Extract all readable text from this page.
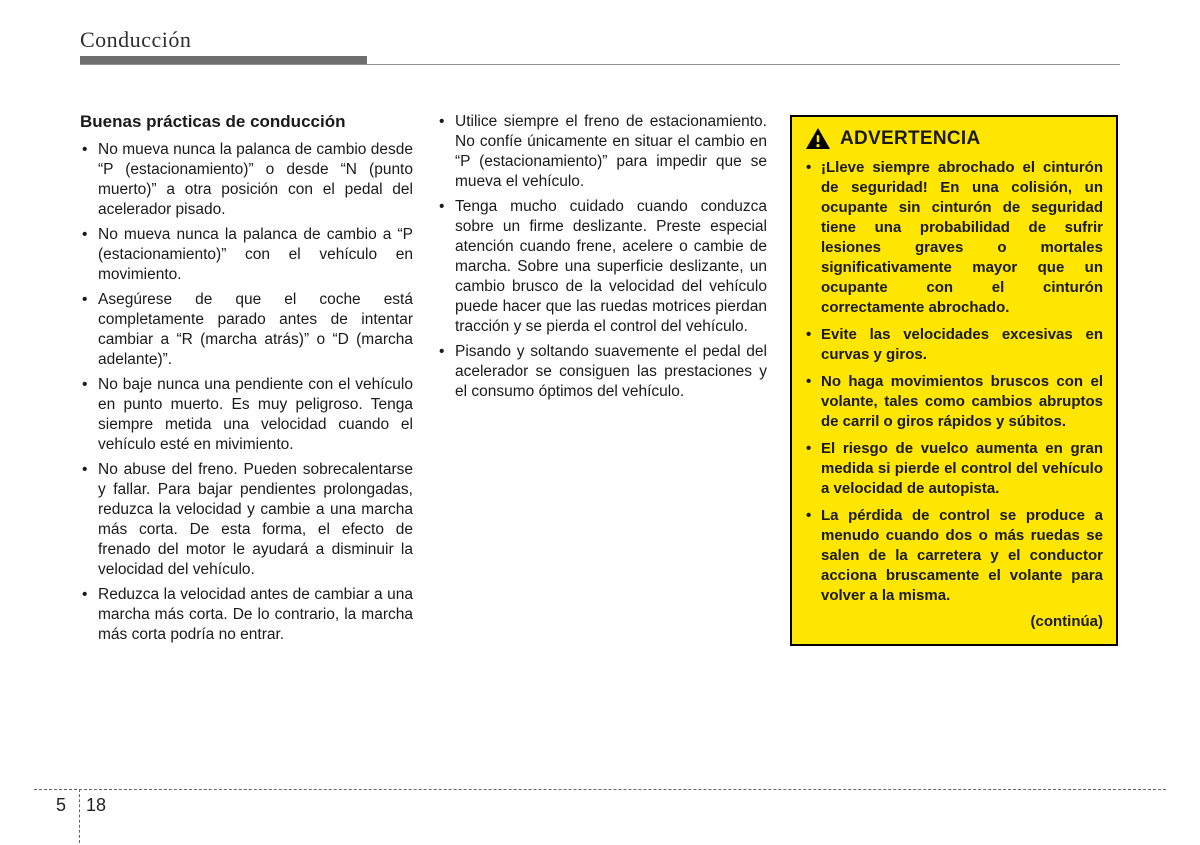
Conducción
Buenas prácticas de conducción
• No mueva nunca la palanca de cambio desde “P (estacionamiento)” o desde “N (punto muerto)” a otra posición con el pedal del acelerador pisado.
• No mueva nunca la palanca de cambio a “P (estacionamiento)” con el vehículo en movimiento.
• Asegúrese de que el coche está completamente parado antes de intentar cambiar a “R (marcha atrás)” o “D (marcha adelante)”.
• No baje nunca una pendiente con el vehículo en punto muerto. Es muy peligroso. Tenga siempre metida una velocidad cuando el vehículo esté en mivimiento.
• No abuse del freno. Pueden sobrecalentarse y fallar. Para bajar pendientes prolongadas, reduzca la velocidad y cambie a una marcha más corta. De esta forma, el efecto de frenado del motor le ayudará a disminuir la velocidad del vehículo.
• Reduzca la velocidad antes de cambiar a una marcha más corta. De lo contrario, la marcha más corta podría no entrar.
• Utilice siempre el freno de estacionamiento. No confíe únicamente en situar el cambio en “P (estacionamiento)” para impedir que se mueva el vehículo.
• Tenga mucho cuidado cuando conduzca sobre un firme deslizante. Preste especial atención cuando frene, acelere o cambie de marcha. Sobre una superficie deslizante, un cambio brusco de la velocidad del vehículo puede hacer que las ruedas motrices pierdan tracción y se pierda el control del vehículo.
• Pisando y soltando suavemente el pedal del acelerador se consiguen las prestaciones y el consumo óptimos del vehículo.
ADVERTENCIA
• ¡Lleve siempre abrochado el cinturón de seguridad! En una colisión, un ocupante sin cinturón de seguridad tiene una probabilidad de sufrir lesiones graves o mortales significativamente mayor que un ocupante con el cinturón correctamente abrochado.
• Evite las velocidades excesivas en curvas y giros.
• No haga movimientos bruscos con el volante, tales como cambios abruptos de carril o giros rápidos y súbitos.
• El riesgo de vuelco aumenta en gran medida si pierde el control del vehículo a velocidad de autopista.
• La pérdida de control se produce a menudo cuando dos o más ruedas se salen de la carretera y el conductor acciona bruscamente el volante para volver a la misma.
(continúa)
5 18
